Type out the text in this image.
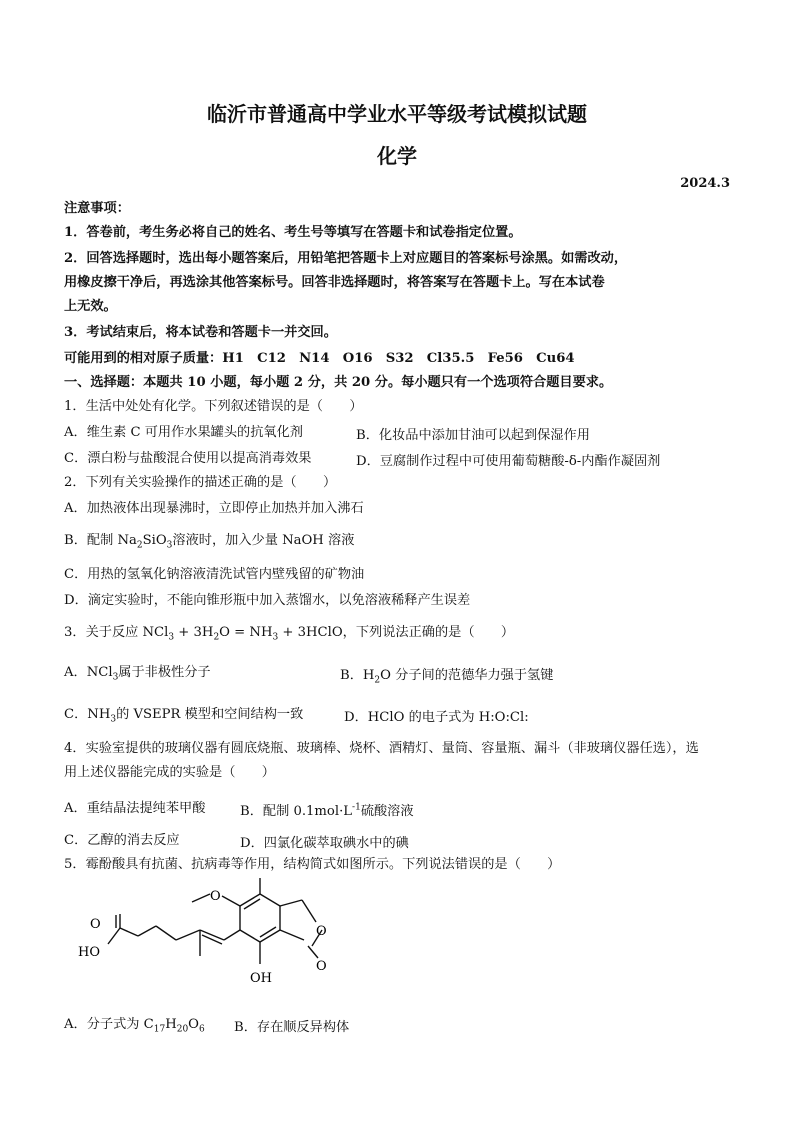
临沂市普通高中学业水平等级考试模拟试题
化学
2024.3
注意事项：
1．答卷前，考生务必将自己的姓名、考生号等填写在答题卡和试卷指定位置。
2．回答选择题时，选出每小题答案后，用铅笔把答题卡上对应题目的答案标号涂黑。如需改动，
用橡皮擦干净后，再选涂其他答案标号。回答非选择题时，将答案写在答题卡上。写在本试卷
上无效。
3．考试结束后，将本试卷和答题卡一并交回。
可能用到的相对原子质量：H1　C12　N14　O16　S32　Cl35.5　Fe56　Cu64
一、选择题：本题共 10 小题，每小题 2 分，共 20 分。每小题只有一个选项符合题目要求。
1．生活中处处有化学。下列叙述错误的是（　　）
A．维生素 C 可用作水果罐头的抗氧化剂	B．化妆品中添加甘油可以起到保湿作用
C．漂白粉与盐酸混合使用以提高消毒效果	D．豆腐制作过程中可使用葡萄糖酸-δ-内酯作凝固剂
2．下列有关实验操作的描述正确的是（　　）
A．加热液体出现暴沸时，立即停止加热并加入沸石
B．配制 $Na_2SiO_3$溶液时，加入少量 NaOH 溶液
C．用热的氢氧化钠溶液清洗试管内壁残留的矿物油
D．滴定实验时，不能向锥形瓶中加入蒸馏水，以免溶液稀释产生误差
3．关于反应 $NCl_3 + 3H_2O = NH_3$ + 3HClO，下列说法正确的是（　　）
A．NCl$_3$属于非极性分子	B．$H_2O$ 分子间的范德华力强于氢键
C．$NH_3$的 VSEPR 模型和空间结构一致	D．HClO 的电子式为 H:O:Cl:
4．实验室提供的玻璃仪器有圆底烧瓶、玻璃棒、烧杯、酒精灯、量筒、容量瓶、漏斗（非玻璃仪器任选），选
用上述仪器能完成的实验是（　　）
A．重结晶法提纯苯甲酸	B．配制 $0.1mol\cdot L^{-1}$硫酸溶液
C．乙醇的消去反应	D．四氯化碳萃取碘水中的碘
5．霉酚酸具有抗菌、抗病毒等作用，结构简式如图所示。下列说法错误的是（　　）
O
HO
O
O
O
OH
A．分子式为 $C_{17}H_{20}O_6$ B．存在顺反异构体
